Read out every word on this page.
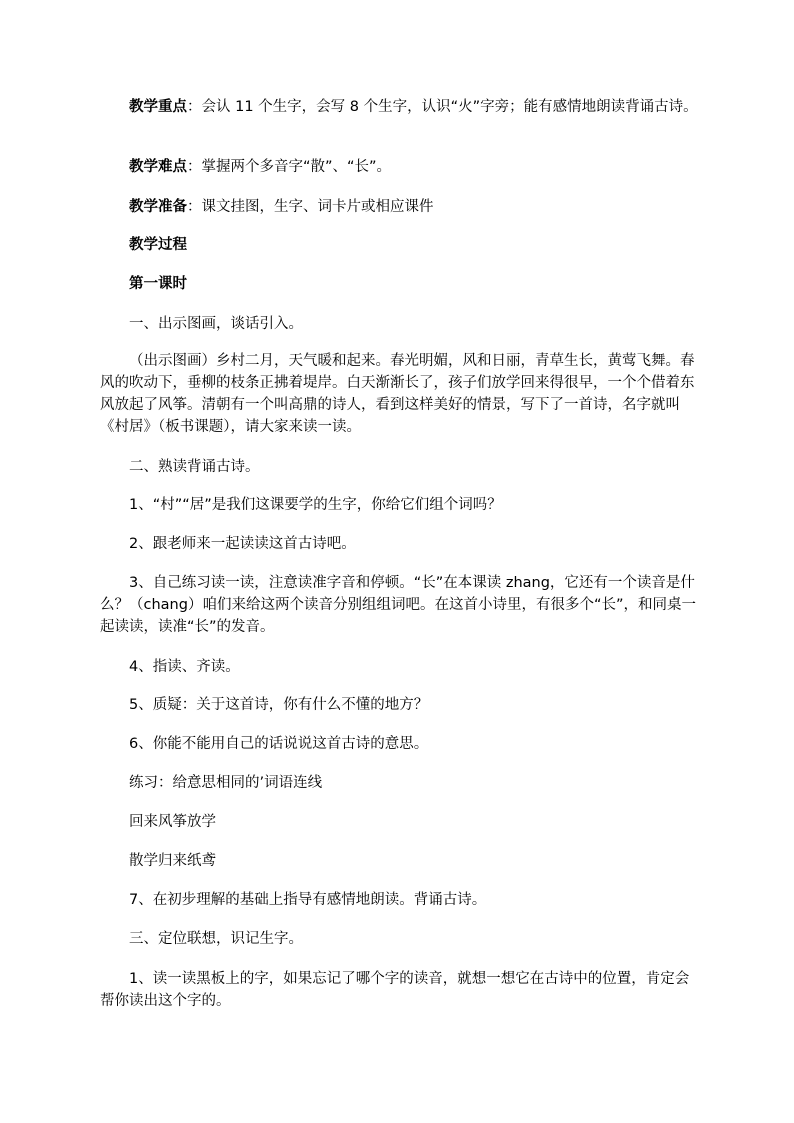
教学重点：会认 11 个生字，会写 8 个生字，认识“火”字旁；能有感情地朗读背诵古诗。

教学难点：掌握两个多音字“散”、“长”。

教学准备：课文挂图，生字、词卡片或相应课件

教学过程

第一课时

一、出示图画，谈话引入。

（出示图画）乡村二月，天气暖和起来。春光明媚，风和日丽，青草生长，黄莺飞舞。春风的吹动下，垂柳的枝条正拂着堤岸。白天渐渐长了，孩子们放学回来得很早，一个个借着东风放起了风筝。清朝有一个叫高鼎的诗人，看到这样美好的情景，写下了一首诗，名字就叫《村居》（板书课题），请大家来读一读。

二、熟读背诵古诗。

1、“村”“居”是我们这课要学的生字，你给它们组个词吗？

2、跟老师来一起读读这首古诗吧。

3、自己练习读一读，注意读准字音和停顿。“长”在本课读 zhang，它还有一个读音是什么？（chang）咱们来给这两个读音分别组组词吧。在这首小诗里，有很多个“长”，和同桌一起读读，读准“长”的发音。

4、指读、齐读。

5、质疑：关于这首诗，你有什么不懂的地方？

6、你能不能用自己的话说说这首古诗的意思。

练习：给意思相同的’词语连线

回来风筝放学

散学归来纸鸢

7、在初步理解的基础上指导有感情地朗读。背诵古诗。

三、定位联想，识记生字。

1、读一读黑板上的字，如果忘记了哪个字的读音，就想一想它在古诗中的位置，肯定会帮你读出这个字的。
